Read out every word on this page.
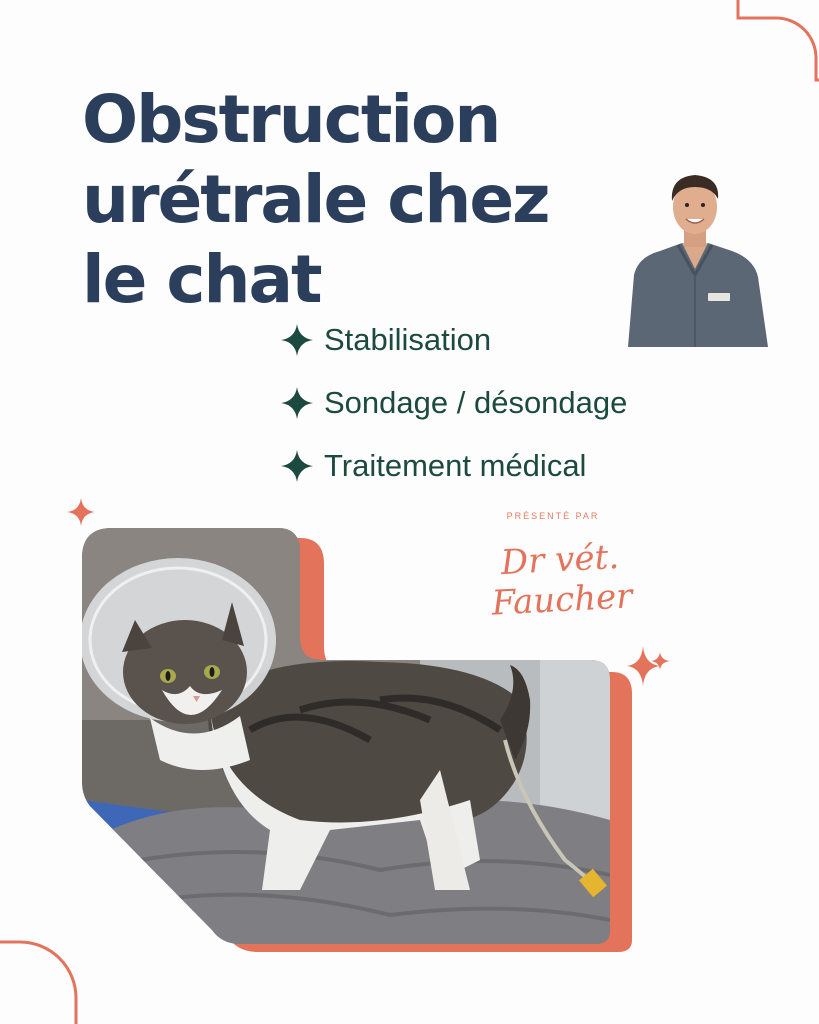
Obstruction
urétrale chez
le chat
Stabilisation
Sondage / désondage
Traitement médical
PRÉSENTÉ PAR
Dr vét. Faucher
